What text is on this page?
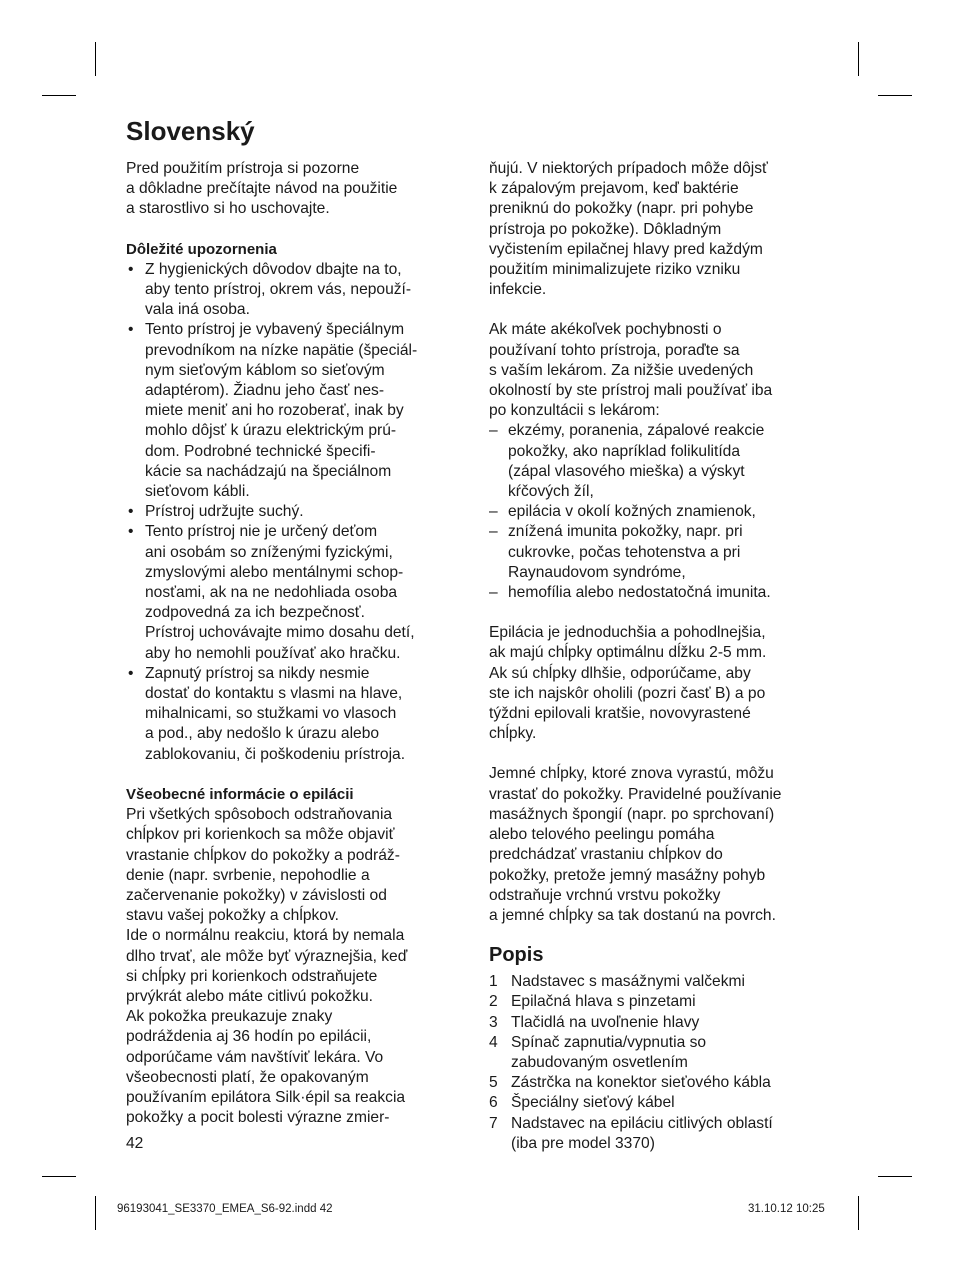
Slovenský

Pred použitím prístroja si pozorne
a dôkladne prečítajte návod na použitie
a starostlivo si ho uschovajte.

Dôležité upozornenia

• Z hygienických dôvodov dbajte na to,
aby tento prístroj, okrem vás, nepouží-
vala iná osoba.
• Tento prístroj je vybavený špeciálnym
prevodníkom na nízke napätie (špeciál-
nym sieťovým káblom so sieťovým
adaptérom). Žiadnu jeho časť nes-
miete meniť ani ho rozoberať, inak by
mohlo dôjsť k úrazu elektrickým prú-
dom. Podrobné technické špecifi-
kácie sa nachádzajú na špeciálnom
sieťovom kábli.
• Prístroj udržujte suchý.
• Tento prístroj nie je určený deťom
ani osobám so zníženými fyzickými,
zmyslovými alebo mentálnymi schop-
nosťami, ak na ne nedohliada osoba
zodpovedná za ich bezpečnosť.
Prístroj uchovávajte mimo dosahu detí,
aby ho nemohli používať ako hračku.
• Zapnutý prístroj sa nikdy nesmie
dostať do kontaktu s vlasmi na hlave,
mihalnicami, so stužkami vo vlasoch
a pod., aby nedošlo k úrazu alebo
zablokovaniu, či poškodeniu prístroja.

Všeobecné informácie o epilácii

Pri všetkých spôsoboch odstraňovania
chĺpkov pri korienkoch sa môže objaviť
vrastanie chĺpkov do pokožky a podráž-
denie (napr. svrbenie, nepohodlie a
začervenanie pokožky) v závislosti od
stavu vašej pokožky a chĺpkov.
Ide o normálnu reakciu, ktorá by nemala
dlho trvať, ale môže byť výraznejšia, keď
si chĺpky pri korienkoch odstraňujete
prvýkrát alebo máte citlivú pokožku.
Ak pokožka preukazuje znaky
podráždenia aj 36 hodín po epilácii,
odporúčame vám navštíviť lekára. Vo
všeobecnosti platí, že opakovaným
používaním epilátora Silk·épil sa reakcia
pokožky a pocit bolesti výrazne zmier-

ňujú. V niektorých prípadoch môže dôjsť
k zápalovým prejavom, keď baktérie
preniknú do pokožky (napr. pri pohybe
prístroja po pokožke). Dôkladným
vyčistením epilačnej hlavy pred každým
použitím minimalizujete riziko vzniku
infekcie.

Ak máte akékoľvek pochybnosti o
používaní tohto prístroja, poraďte sa
s vaším lekárom. Za nižšie uvedených
okolností by ste prístroj mali používať iba
po konzultácii s lekárom:

– ekzémy, poranenia, zápalové reakcie
pokožky, ako napríklad folikulitída
(zápal vlasového mieška) a výskyt
kŕčových žíl,
– epilácia v okolí kožných znamienok,
– znížená imunita pokožky, napr. pri
cukrovke, počas tehotenstva a pri
Raynaudovom syndróme,
– hemofília alebo nedostatočná imunita.

Epilácia je jednoduchšia a pohodlnejšia,
ak majú chĺpky optimálnu dĺžku 2-5 mm.
Ak sú chĺpky dlhšie, odporúčame, aby
ste ich najskôr oholili (pozri časť B) a po
týždni epilovali kratšie, novovyrastené
chĺpky.

Jemné chĺpky, ktoré znova vyrastú, môžu
vrastať do pokožky. Pravidelné používanie
masážnych špongií (napr. po sprchovaní)
alebo telového peelingu pomáha
predchádzať vrastaniu chĺpkov do
pokožky, pretože jemný masážny pohyb
odstraňuje vrchnú vrstvu pokožky
a jemné chĺpky sa tak dostanú na povrch.

Popis
1 Nadstavec s masážnymi valčekmi
2 Epilačná hlava s pinzetami
3 Tlačidlá na uvoľnenie hlavy
4 Spínač zapnutia/vypnutia so
zabudovaným osvetlením
5 Zástrčka na konektor sieťového kábla
6 Špeciálny sieťový kábel
7 Nadstavec na epiláciu citlivých oblastí
(iba pre model 3370)
42
96193041_SE3370_EMEA_S6-92.indd 42	31.10.12 10:25
